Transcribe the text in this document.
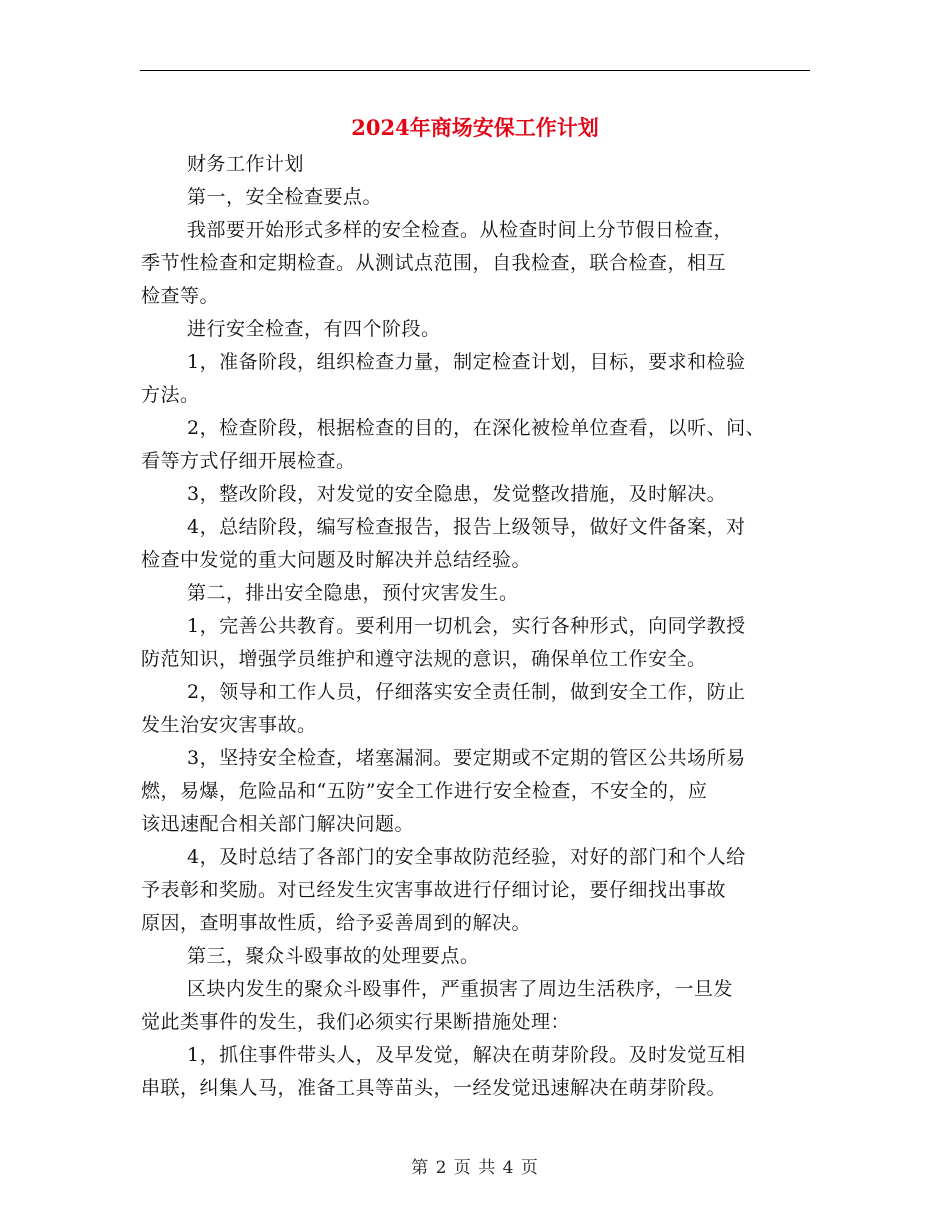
2024年商场安保工作计划
财务工作计划
第一，安全检查要点。
我部要开始形式多样的安全检查。从检查时间上分节假日检查，
季节性检查和定期检查。从测试点范围，自我检查，联合检查，相互
检查等。
进行安全检查，有四个阶段。
1，准备阶段，组织检查力量，制定检查计划，目标，要求和检验
方法。
2，检查阶段，根据检查的目的，在深化被检单位查看，以听、问、
看等方式仔细开展检查。
3，整改阶段，对发觉的安全隐患，发觉整改措施，及时解决。
4，总结阶段，编写检查报告，报告上级领导，做好文件备案，对
检查中发觉的重大问题及时解决并总结经验。
第二，排出安全隐患，预付灾害发生。
1，完善公共教育。要利用一切机会，实行各种形式，向同学教授
防范知识，增强学员维护和遵守法规的意识，确保单位工作安全。
2，领导和工作人员，仔细落实安全责任制，做到安全工作，防止
发生治安灾害事故。
3，坚持安全检查，堵塞漏洞。要定期或不定期的管区公共场所易
燃，易爆，危险品和“五防”安全工作进行安全检查，不安全的，应
该迅速配合相关部门解决问题。
4，及时总结了各部门的安全事故防范经验，对好的部门和个人给
予表彰和奖励。对已经发生灾害事故进行仔细讨论，要仔细找出事故
原因，查明事故性质，给予妥善周到的解决。
第三，聚众斗殴事故的处理要点。
区块内发生的聚众斗殴事件，严重损害了周边生活秩序，一旦发
觉此类事件的发生，我们必须实行果断措施处理：
1，抓住事件带头人，及早发觉，解决在萌芽阶段。及时发觉互相
串联，纠集人马，准备工具等苗头，一经发觉迅速解决在萌芽阶段。
第 2 页 共 4 页
